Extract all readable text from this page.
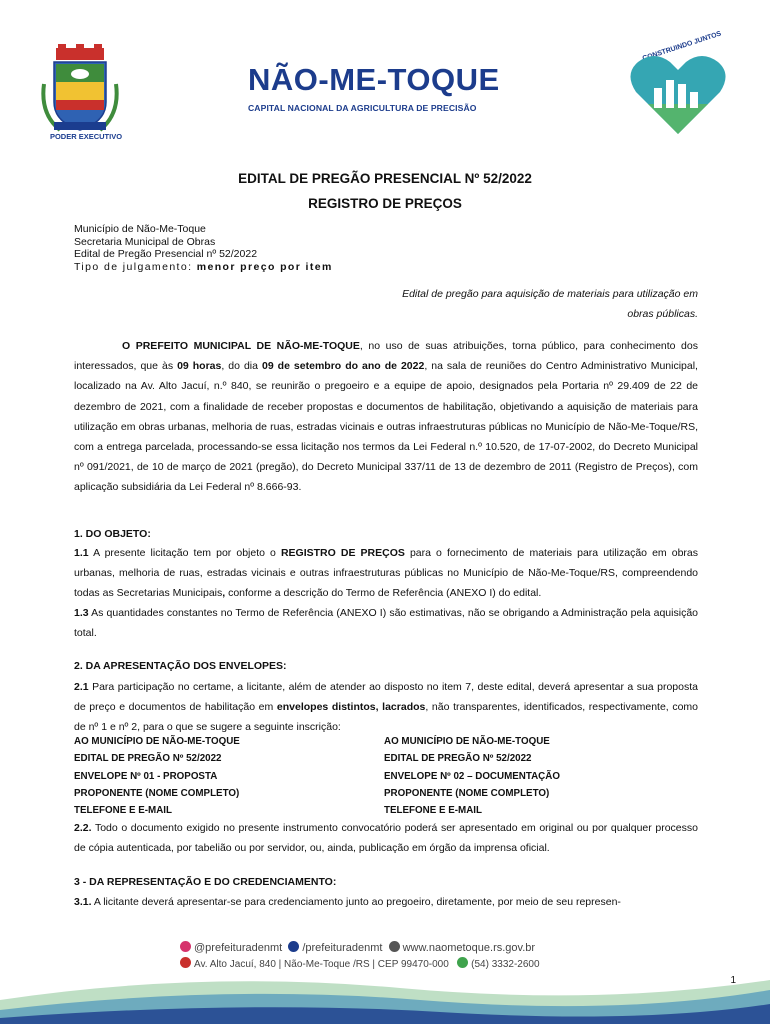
PODER EXECUTIVO
NÃO-ME-TOQUE
CAPITAL NACIONAL DA AGRICULTURA DE PRECISÃO
CONSTRUINDO JUNTOS
EDITAL DE PREGÃO PRESENCIAL Nº 52/2022
REGISTRO DE PREÇOS
Município de Não-Me-Toque
Secretaria Municipal de Obras
Edital de Pregão Presencial nº 52/2022
Tipo de julgamento: menor preço por item
Edital de pregão para aquisição de materiais para utilização em
obras públicas.
O PREFEITO MUNICIPAL DE NÃO-ME-TOQUE, no uso de suas atribuições, torna público, para conhecimento dos interessados, que às 09 horas, do dia 09 de setembro do ano de 2022, na sala de reuniões do Centro Administrativo Municipal, localizado na Av. Alto Jacuí, n.º 840, se reunirão o pregoeiro e a equipe de apoio, designados pela Portaria nº 29.409 de 22 de dezembro de 2021, com a finalidade de receber propostas e documentos de habilitação, objetivando a aquisição de materiais para utilização em obras urbanas, melhoria de ruas, estradas vicinais e outras infraestruturas públicas no Município de Não-Me-Toque/RS, com a entrega parcelada, processando-se essa licitação nos termos da Lei Federal n.º 10.520, de 17-07-2002, do Decreto Municipal nº 091/2021, de 10 de março de 2021 (pregão), do Decreto Municipal 337/11 de 13 de dezembro de 2011 (Registro de Preços), com aplicação subsidiária da Lei Federal nº 8.666-93.
1. DO OBJETO:
1.1 A presente licitação tem por objeto o REGISTRO DE PREÇOS para o fornecimento de materiais para utilização em obras urbanas, melhoria de ruas, estradas vicinais e outras infraestruturas públicas no Município de Não-Me-Toque/RS, compreendendo todas as Secretarias Municipais, conforme a descrição do Termo de Referência (ANEXO I) do edital.
1.3 As quantidades constantes no Termo de Referência (ANEXO I) são estimativas, não se obrigando a Administração pela aquisição total.
2. DA APRESENTAÇÃO DOS ENVELOPES:
2.1 Para participação no certame, a licitante, além de atender ao disposto no item 7, deste edital, deverá apresentar a sua proposta de preço e documentos de habilitação em envelopes distintos, lacrados, não transparentes, identificados, respectivamente, como de nº 1 e nº 2, para o que se sugere a seguinte inscrição:
AO MUNICÍPIO DE NÃO-ME-TOQUE
EDITAL DE PREGÃO Nº 52/2022
ENVELOPE Nº 01 - PROPOSTA
PROPONENTE (NOME COMPLETO)
TELEFONE E E-MAIL
AO MUNICÍPIO DE NÃO-ME-TOQUE
EDITAL DE PREGÃO Nº 52/2022
ENVELOPE Nº 02 – DOCUMENTAÇÃO
PROPONENTE (NOME COMPLETO)
TELEFONE E E-MAIL
2.2. Todo o documento exigido no presente instrumento convocatório poderá ser apresentado em original ou por qualquer processo de cópia autenticada, por tabelião ou por servidor, ou, ainda, publicação em órgão da imprensa oficial.
3 - DA REPRESENTAÇÃO E DO CREDENCIAMENTO:
3.1. A licitante deverá apresentar-se para credenciamento junto ao pregoeiro, diretamente, por meio de seu represen-
@prefeituradenmt /prefeituradenmt www.naometoque.rs.gov.br
Av. Alto Jacuí, 840 | Não-Me-Toque /RS | CEP 99470-000 (54) 3332-2600
1
